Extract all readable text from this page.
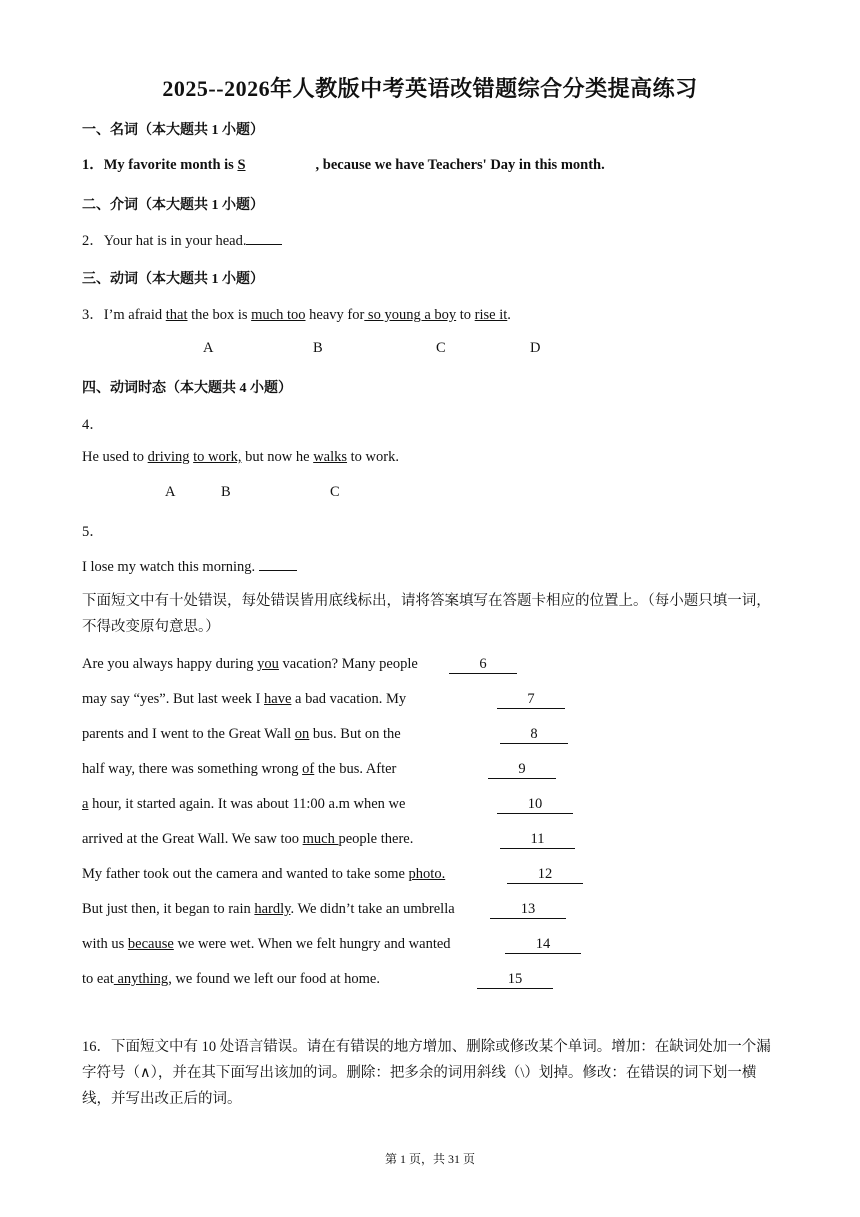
2025--2026年人教版中考英语改错题综合分类提高练习
一、名词（本大题共 1 小题）
1．My favorite month is S	, because we have Teachers' Day in this month.
二、介词（本大题共 1 小题）
2．Your hat is in your head.
三、动词（本大题共 1 小题）
3．I’m afraid that the box is much too heavy for so young a boy to rise it.
A	B	C	D
四、动词时态（本大题共 4 小题）
4．
He used to driving to work, but now he walks to work.
A	B	C
5．
I lose my watch this morning.
下面短文中有十处错误，每处错误皆用底线标出，请将答案填写在答题卡相应的位置上。（每小题只填一词，不得改变原句意思。）
Are you always happy during you vacation? Many people	6
may say “yes”. But last week I have a bad vacation. My	7
parents and I went to the Great Wall on bus. But on the	8
half way, there was something wrong of the bus. After	9
a hour, it started again. It was about 11:00 a.m when we	10
arrived at the Great Wall. We saw too much people there.	11
My father took out the camera and wanted to take some photo.	12
But just then, it began to rain hardly. We didn’t take an umbrella	13
with us because we were wet. When we felt hungry and wanted	14
to eat anything, we found we left our food at home.	15
16．下面短文中有 10 处语言错误。请在有错误的地方增加、删除或修改某个单词。增加：在缺词处加一个漏字符号（∧），并在其下面写出该加的词。删除：把多余的词用斜线（\）划掉。修改：在错误的词下划一横线，并写出改正后的词。
第 1 页，共 31 页
